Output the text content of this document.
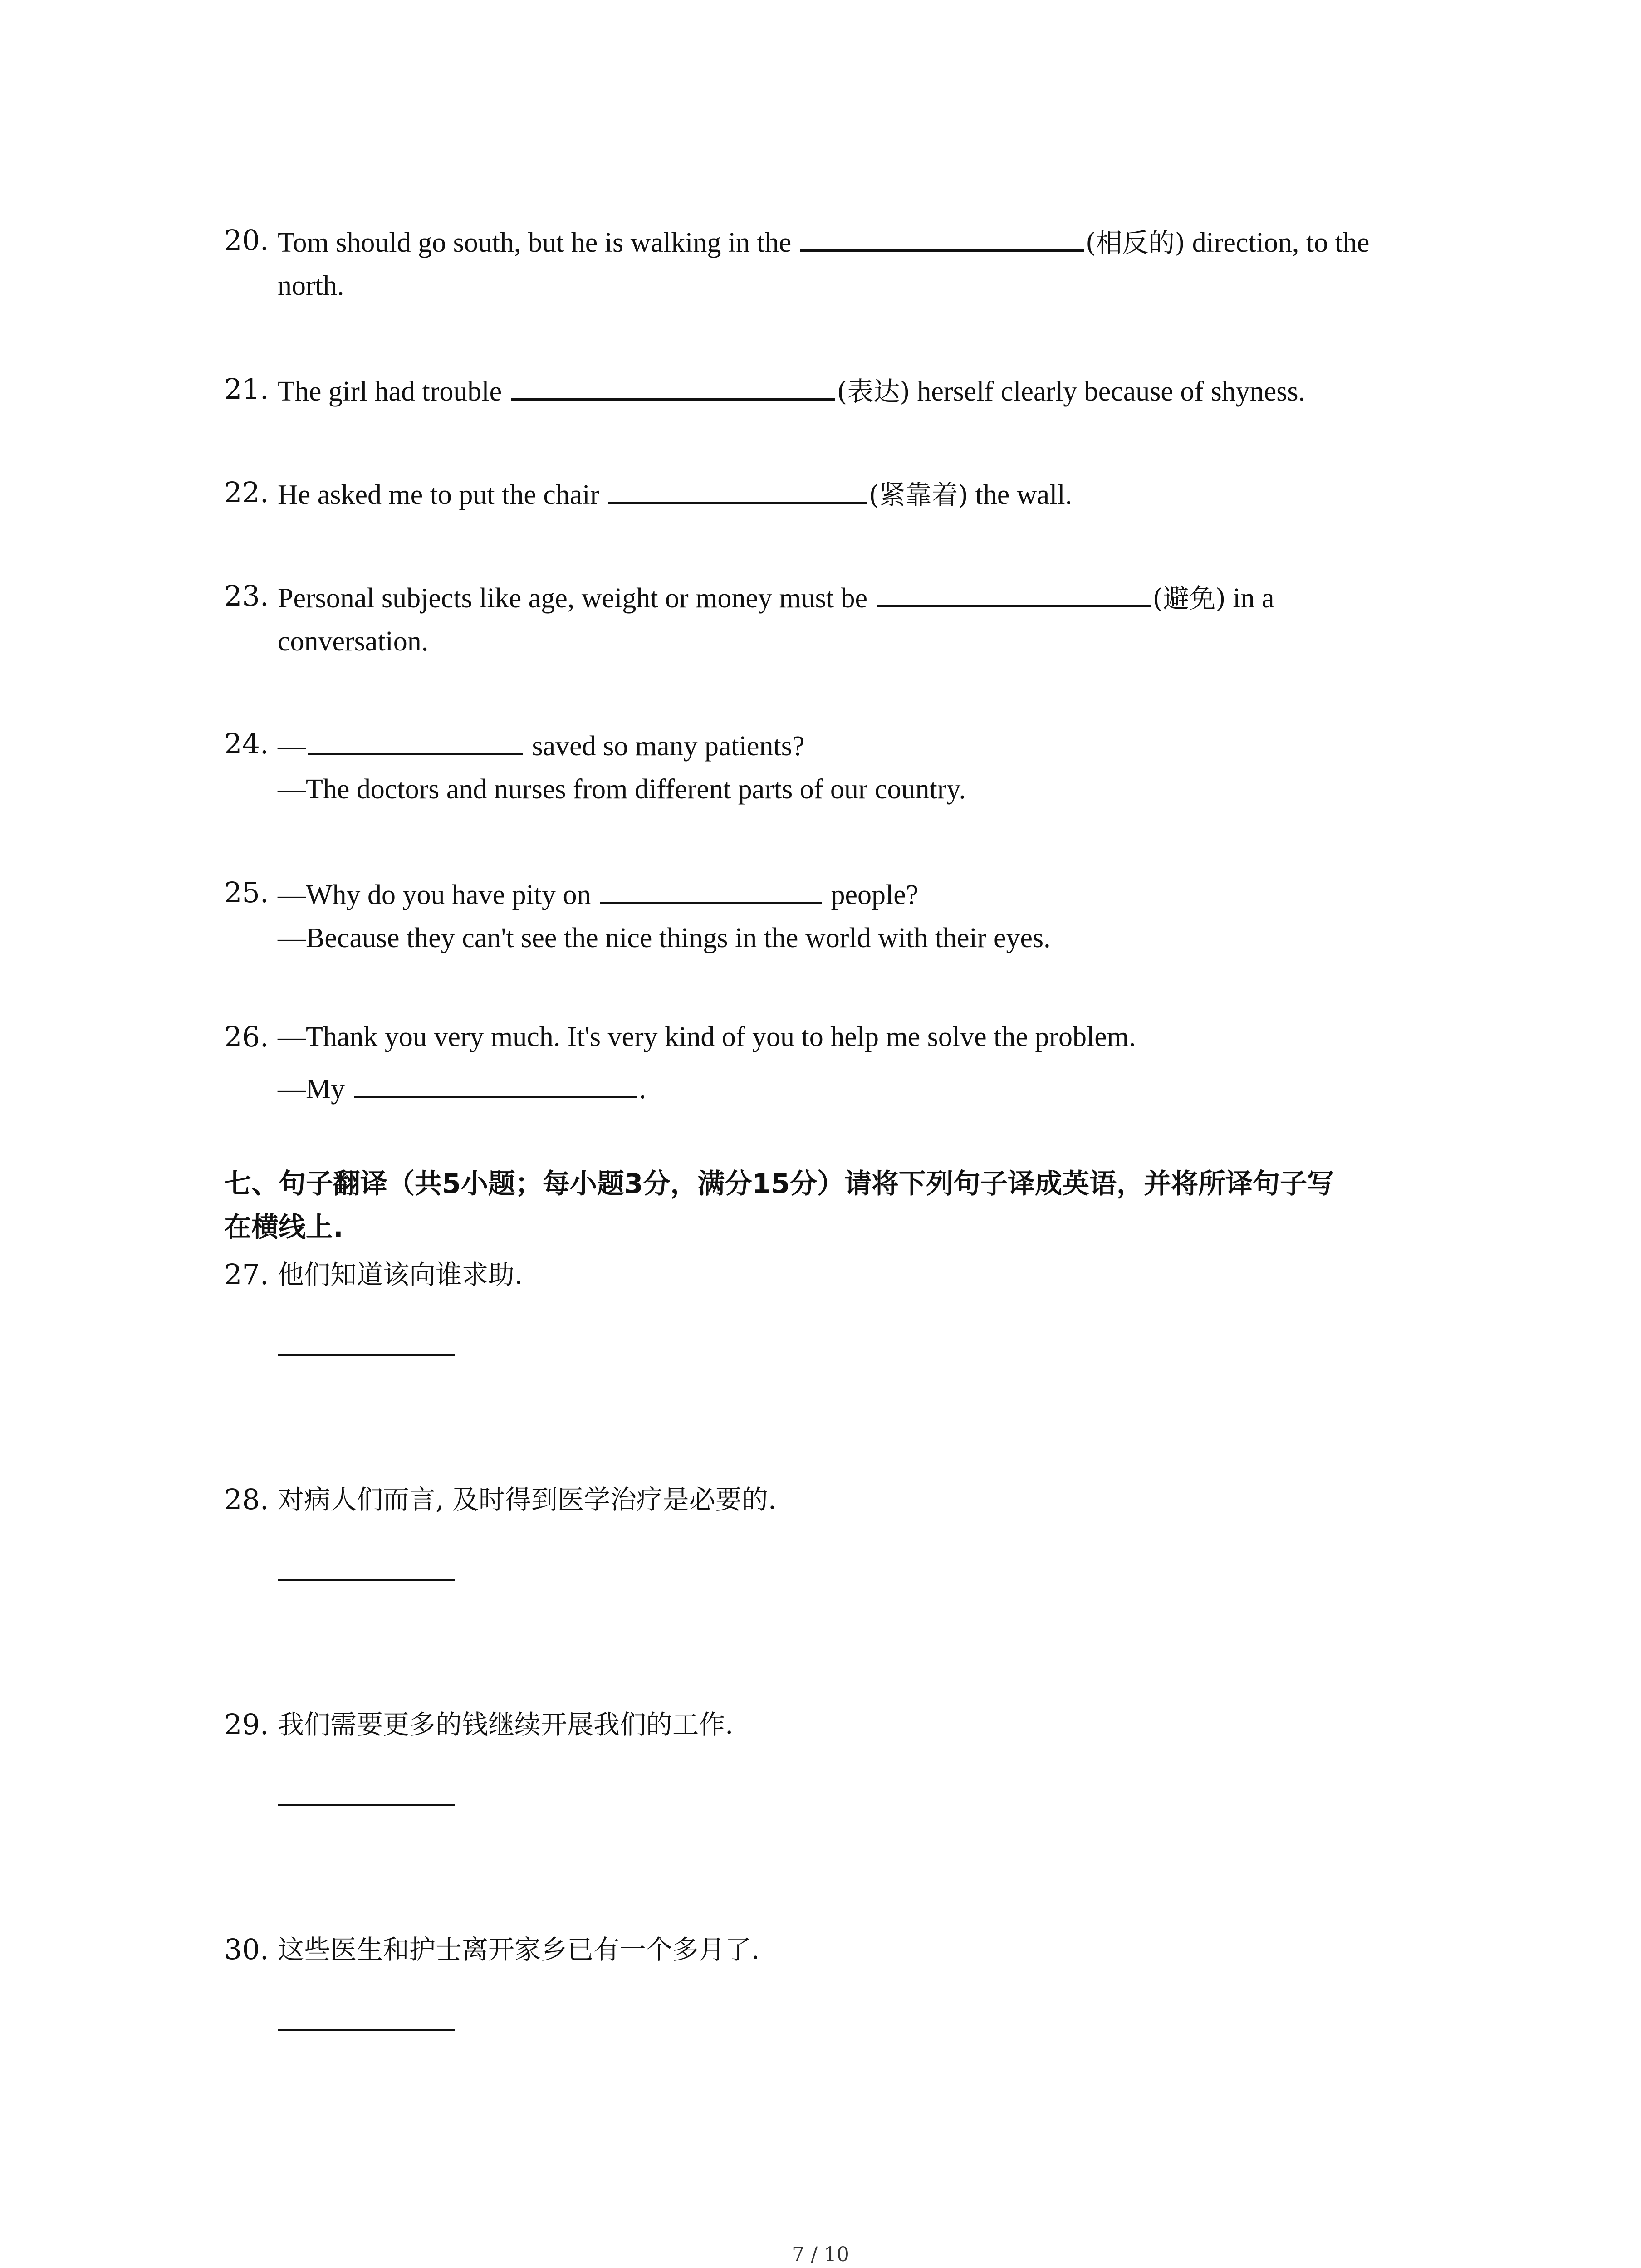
20. Tom should go south, but he is walking in the	(相反的) direction, to the
north.
21. The girl had trouble	(表达) herself clearly because of shyness.
22. He asked me to put the chair	(紧靠着) the wall.
23. Personal subjects like age, weight or money must be	(避免) in a
conversation.
24. —	saved so many patients?
—The doctors and nurses from different parts of our country.
25. —Why do you have pity on	people?
—Because they can't see the nice things in the world with their eyes.
26. —Thank you very much. It's very kind of you to help me solve the problem.
—My	.
七、句子翻译（共5小题；每小题3分，满分15分）请将下列句子译成英语，并将所译句子写
在横线上.
27. 他们知道该向谁求助.
28. 对病人们而言, 及时得到医学治疗是必要的.
29. 我们需要更多的钱继续开展我们的工作.
30. 这些医生和护士离开家乡已有一个多月了.
7 / 10
